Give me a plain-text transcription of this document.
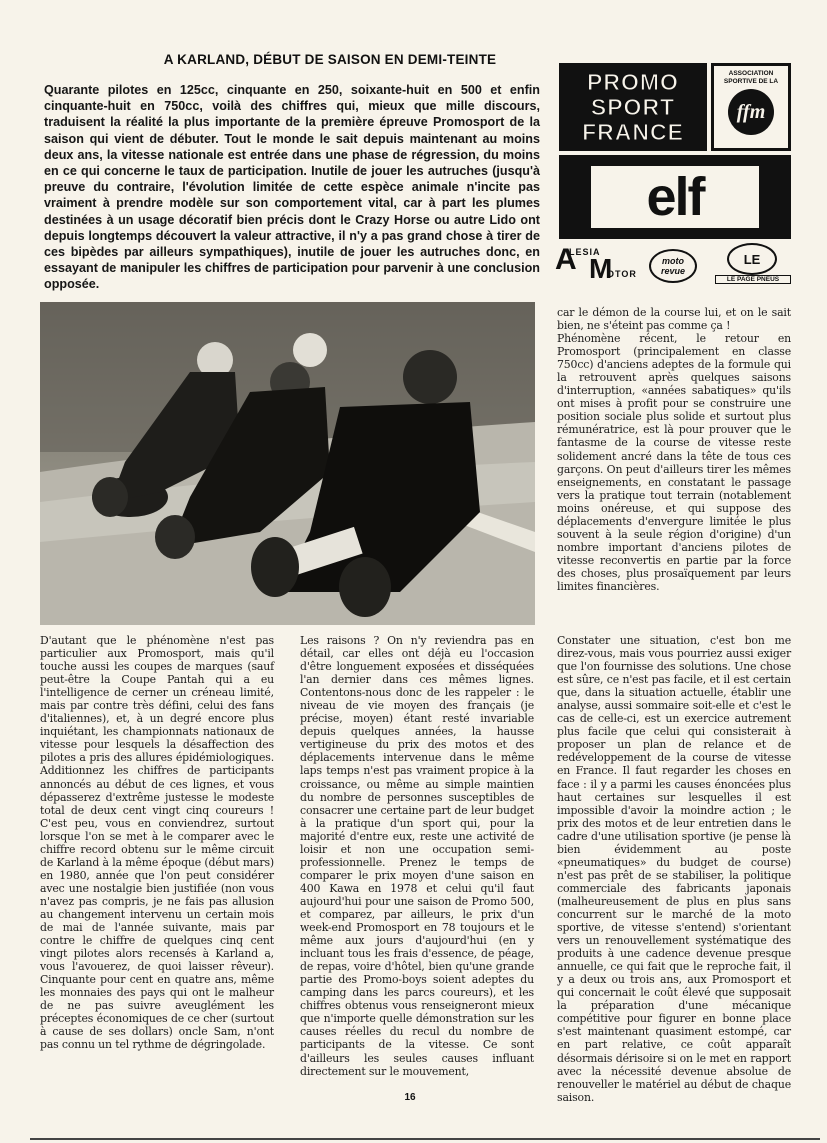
A KARLAND, DÉBUT DE SAISON EN DEMI-TEINTE

Quarante pilotes en 125cc, cinquante en 250, soixante-huit en 500 et enfin cinquante-huit en 750cc, voilà des chiffres qui, mieux que mille discours, traduisent la réalité la plus importante de la première épreuve Promosport de la saison qui vient de débuter. Tout le monde le sait depuis maintenant au moins deux ans, la vitesse nationale est entrée dans une phase de régression, du moins en ce qui concerne le taux de participation. Inutile de jouer les autruches (jusqu'à preuve du contraire, l'évolution limitée de cette espèce animale n'incite pas vraiment à prendre modèle sur son comportement vital, car à part les plumes destinées à un usage décoratif bien précis dont le Crazy Horse ou autre Lido ont depuis longtemps découvert la valeur attractive, il n'y a pas grand chose à tirer de ces bipèdes par ailleurs sympathiques), inutile de jouer les autruches donc, en essayant de manipuler les chiffres de participation pour parvenir à une conclusion opposée.

PROMO
SPORT
FRANCE
ASSOCIATION
SPORTIVE DE LA
ffm
elf
A
LESIA
M
OTOR
moto
revue
LE
LE PAGE PNEUS

car le démon de la course lui, et on le sait bien, ne s'éteint pas comme ça !

Phénomène récent, le retour en Promosport (principalement en classe 750cc) d'anciens adeptes de la formule qui la retrouvent après quelques saisons d'interruption, «années sabatiques» qu'ils ont mises à profit pour se construire une position sociale plus solide et surtout plus rémunératrice, est là pour prouver que le fantasme de la course de vitesse reste solidement ancré dans la tête de tous ces garçons. On peut d'ailleurs tirer les mêmes enseignements, en constatant le passage vers la pratique tout terrain (notablement moins onéreuse, et qui suppose des déplacements d'envergure limitée le plus souvent à la seule région d'origine) d'un nombre important d'anciens pilotes de vitesse reconvertis en partie par la force des choses, plus prosaïquement par leurs limites financières.

D'autant que le phénomène n'est pas particulier aux Promosport, mais qu'il touche aussi les coupes de marques (sauf peut-être la Coupe Pantah qui a eu l'intelligence de cerner un créneau limité, mais par contre très défini, celui des fans d'italiennes), et, à un degré encore plus inquiétant, les championnats nationaux de vitesse pour lesquels la désaffection des pilotes a pris des allures épidémiologiques. Additionnez les chiffres de participants annoncés au début de ces lignes, et vous dépasserez d'extrême justesse le modeste total de deux cent vingt cinq coureurs ! C'est peu, vous en conviendrez, surtout lorsque l'on se met à le comparer avec le chiffre record obtenu sur le même circuit de Karland à la même époque (début mars) en 1980, année que l'on peut considérer avec une nostalgie bien justifiée (non vous n'avez pas compris, je ne fais pas allusion au changement intervenu un certain mois de mai de l'année suivante, mais par contre le chiffre de quelques cinq cent vingt pilotes alors recensés à Karland a, vous l'avouerez, de quoi laisser rêveur). Cinquante pour cent en quatre ans, même les monnaies des pays qui ont le malheur de ne pas suivre aveuglément les préceptes économiques de ce cher (surtout à cause de ses dollars) oncle Sam, n'ont pas connu un tel rythme de dégringolade.

Les raisons ? On n'y reviendra pas en détail, car elles ont déjà eu l'occasion d'être longuement exposées et disséquées l'an dernier dans ces mêmes lignes. Contentons-nous donc de les rappeler : le niveau de vie moyen des français (je précise, moyen) étant resté invariable depuis quelques années, la hausse vertigineuse du prix des motos et des déplacements intervenue dans le même laps temps n'est pas vraiment propice à la croissance, ou même au simple maintien du nombre de personnes susceptibles de consacrer une certaine part de leur budget à la pratique d'un sport qui, pour la majorité d'entre eux, reste une activité de loisir et non une occupation semi-professionnelle. Prenez le temps de comparer le prix moyen d'une saison en 400 Kawa en 1978 et celui qu'il faut aujourd'hui pour une saison de Promo 500, et comparez, par ailleurs, le prix d'un week-end Promosport en 78 toujours et le même aux jours d'aujourd'hui (en y incluant tous les frais d'essence, de péage, de repas, voire d'hôtel, bien qu'une grande partie des Promo-boys soient adeptes du camping dans les parcs coureurs), et les chiffres obtenus vous renseigneront mieux que n'importe quelle démonstration sur les causes réelles du recul du nombre de participants de la vitesse. Ce sont d'ailleurs les seules causes influant directement sur le mouvement,

Constater une situation, c'est bon me direz-vous, mais vous pourriez aussi exiger que l'on fournisse des solutions. Une chose est sûre, ce n'est pas facile, et il est certain que, dans la situation actuelle, établir une analyse, aussi sommaire soit-elle et c'est le cas de celle-ci, est un exercice autrement plus facile que celui qui consisterait à proposer un plan de relance et de redéveloppement de la course de vitesse en France. Il faut regarder les choses en face : il y a parmi les causes énoncées plus haut certaines sur lesquelles il est impossible d'avoir la moindre action ; le prix des motos et de leur entretien dans le cadre d'une utilisation sportive (je pense là bien évidemment au poste «pneumatiques» du budget de course) n'est pas prêt de se stabiliser, la politique commerciale des fabricants japonais (malheureusement de plus en plus sans concurrent sur le marché de la moto sportive, de vitesse s'entend) s'orientant vers un renouvellement systématique des produits à une cadence devenue presque annuelle, ce qui fait que le reproche fait, il y a deux ou trois ans, aux Promosport et qui concernait le coût élevé que supposait la préparation d'une mécanique compétitive pour figurer en bonne place s'est maintenant quasiment estompé, car en part relative, ce coût apparaît désormais dérisoire si on le met en rapport avec la nécessité devenue absolue de renouveller le matériel au début de chaque saison.

16
